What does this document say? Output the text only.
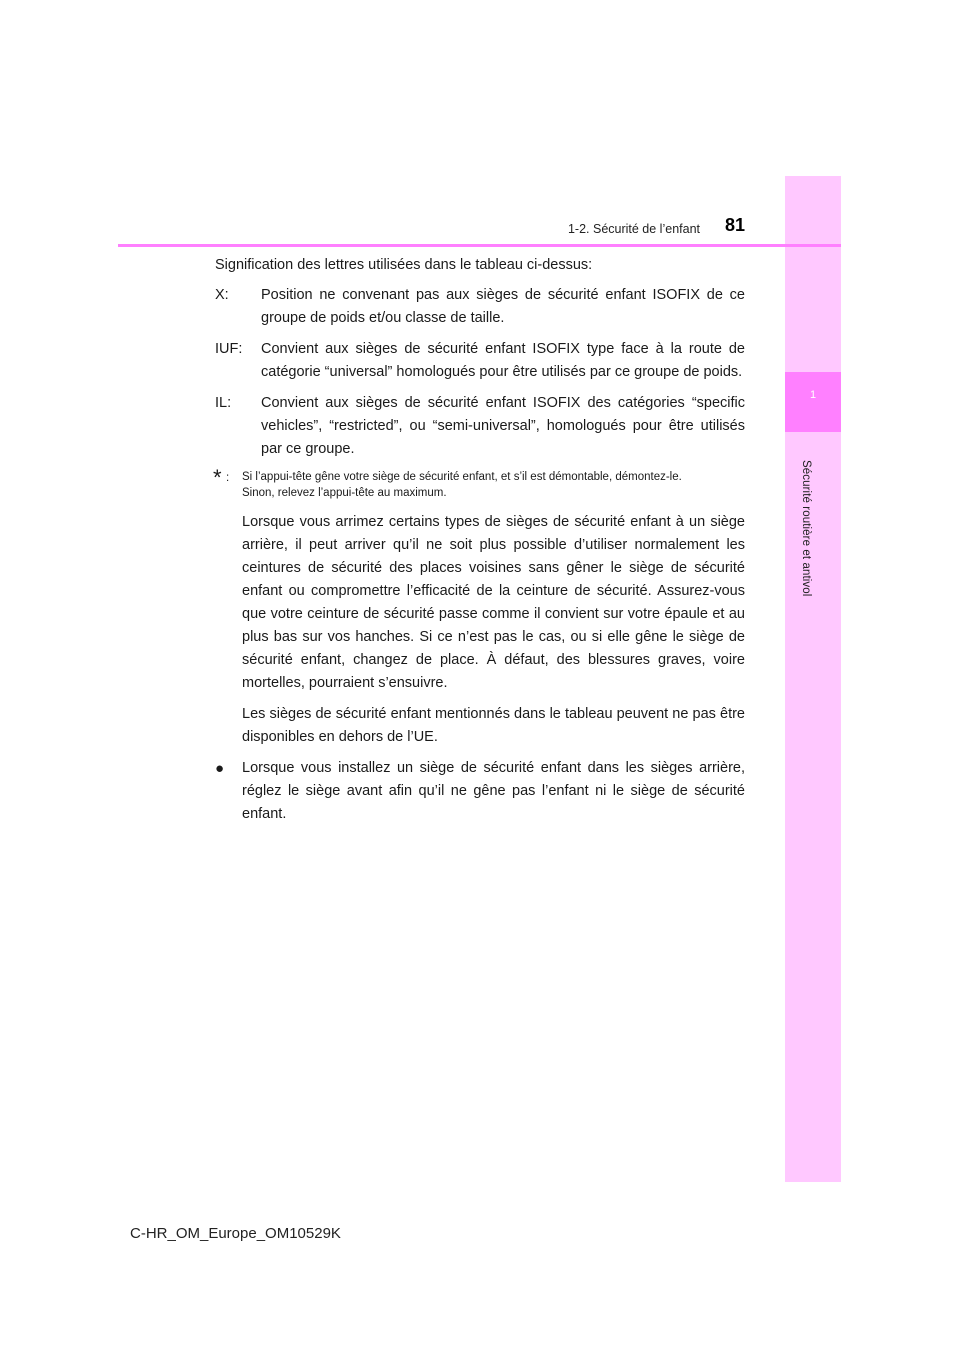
1
Sécurité routière et antivol
1-2. Sécurité de l’enfant	81

Signification des lettres utilisées dans le tableau ci-dessus:

X:	Position ne convenant pas aux sièges de sécurité enfant ISOFIX de ce groupe de poids et/ou classe de taille.
IUF:	Convient aux sièges de sécurité enfant ISOFIX type face à la route de catégorie “universal” homologués pour être utilisés par ce groupe de poids.
IL:	Convient aux sièges de sécurité enfant ISOFIX des catégories “specific vehicles”, “restricted”, ou “semi-universal”, homologués pour être utilisés par ce groupe.
* : Si l’appui-tête gêne votre siège de sécurité enfant, et s’il est démontable, démontez-le.
Sinon, relevez l’appui-tête au maximum.

Lorsque vous arrimez certains types de sièges de sécurité enfant à un siège arrière, il peut arriver qu’il ne soit plus possible d’utiliser normalement les ceintures de sécurité des places voisines sans gêner le siège de sécurité enfant ou compromettre l’efficacité de la ceinture de sécurité. Assurez-vous que votre ceinture de sécurité passe comme il convient sur votre épaule et au plus bas sur vos hanches. Si ce n’est pas le cas, ou si elle gêne le siège de sécurité enfant, changez de place. À défaut, des blessures graves, voire mortelles, pourraient s’ensuivre.

Les sièges de sécurité enfant mentionnés dans le tableau peuvent ne pas être disponibles en dehors de l’UE.

●	Lorsque vous installez un siège de sécurité enfant dans les sièges arrière, réglez le siège avant afin qu’il ne gêne pas l’enfant ni le siège de sécurité enfant.
C-HR_OM_Europe_OM10529K
